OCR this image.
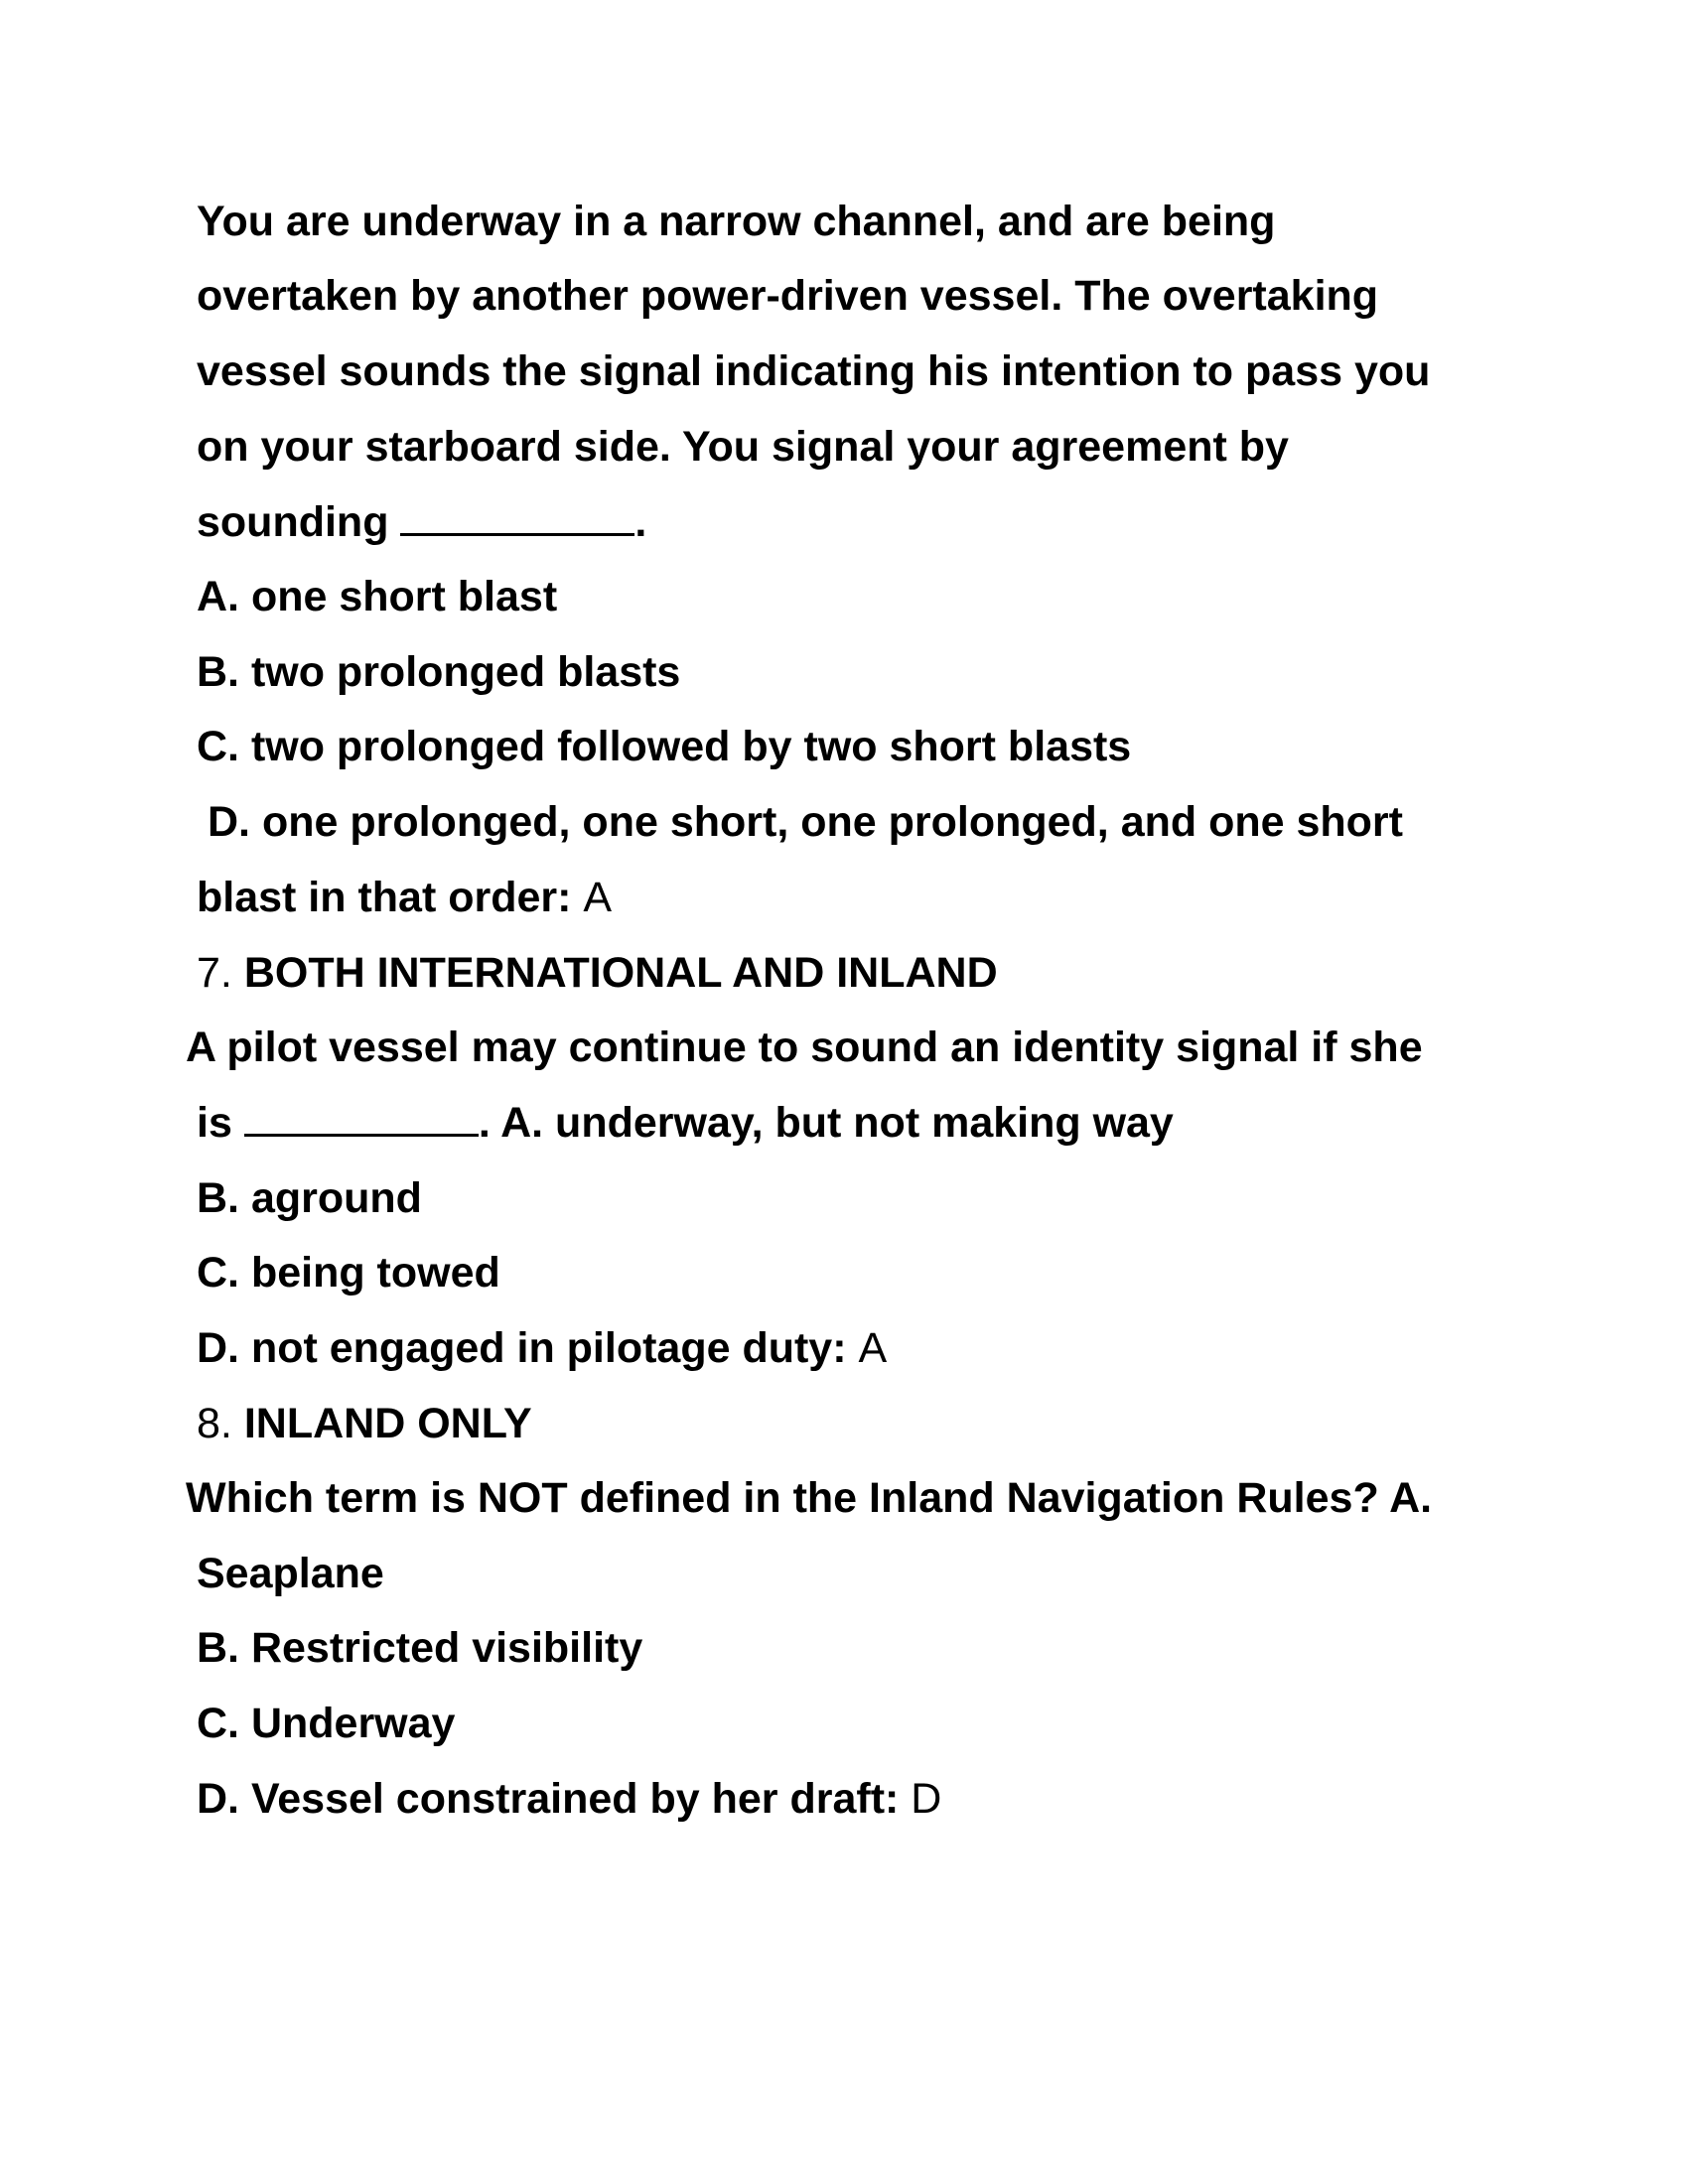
You are underway in a narrow channel, and are being
overtaken by another power-driven vessel. The overtaking
vessel sounds the signal indicating his intention to pass you
on your starboard side. You signal your agreement by
sounding	.
A. one short blast
B. two prolonged blasts
C. two prolonged followed by two short blasts
D. one prolonged, one short, one prolonged, and one short
blast in that order: A
7. BOTH INTERNATIONAL AND INLAND
A pilot vessel may continue to sound an identity signal if she
is	. A. underway, but not making way
B. aground
C. being towed
D. not engaged in pilotage duty: A
8. INLAND ONLY
Which term is NOT defined in the Inland Navigation Rules? A.
Seaplane
B. Restricted visibility
C. Underway
D. Vessel constrained by her draft: D
